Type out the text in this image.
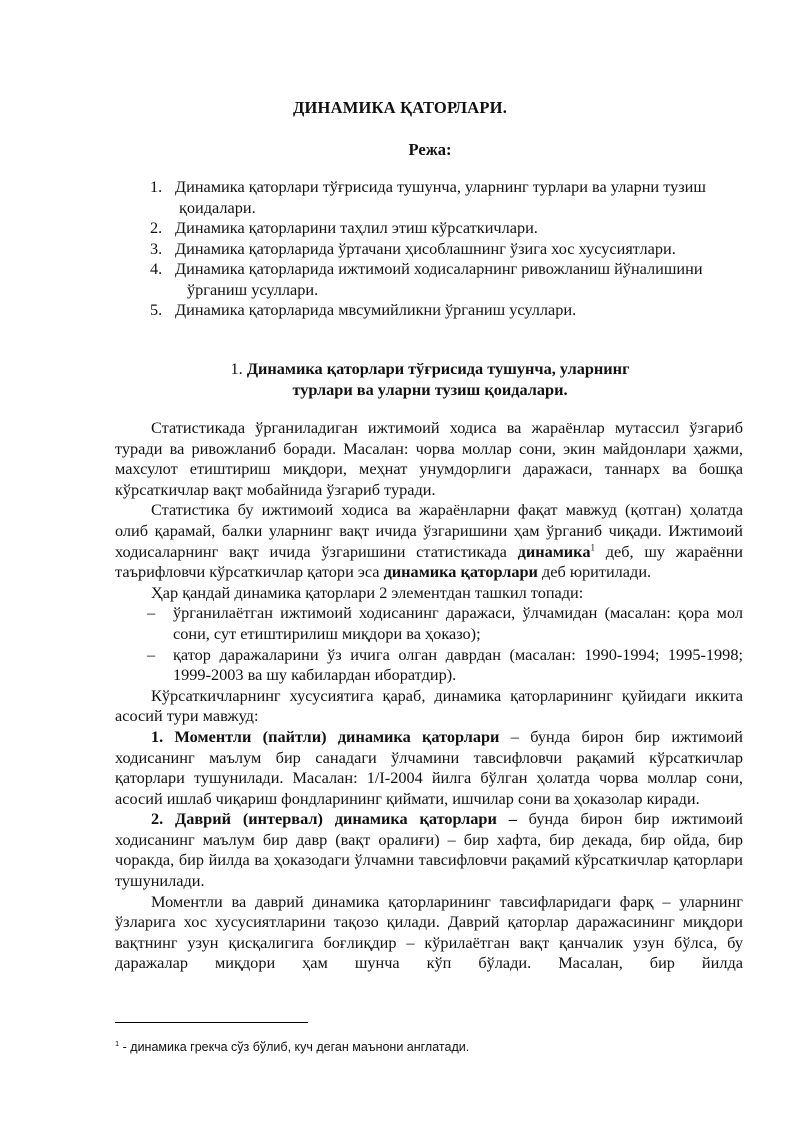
ДИНАМИКА ҚАТОРЛАРИ.
Режа:
1. Динамика қаторлари тўғрисида тушунча, уларнинг турлари ва уларни тузиш
қоидалари.
2. Динамика қаторларини таҳлил этиш кўрсаткичлари.
3. Динамика қаторларида ўртачани ҳисоблашнинг ўзига хос хусусиятлари.
4. Динамика қаторларида ижтимоий ходисаларнинг ривожланиш йўналишини
ўрганиш усуллари.
5. Динамика қаторларида мвсумийликни ўрганиш усуллари.
1. Динамика қаторлари тўғрисида тушунча, уларнинг
турлари ва уларни тузиш қоидалари.

Статистикада ўрганиладиган ижтимоий ходиса ва жараёнлар мутассил ўзгариб туради ва ривожланиб боради. Масалан: чорва моллар сони, экин майдонлари ҳажми, махсулот етиштириш миқдори, меҳнат унумдорлиги даражаси, таннарх ва бошқа кўрсаткичлар вақт мобайнида ўзгариб туради.

Статистика бу ижтимоий ходиса ва жараёнларни фақат мавжуд (қотган) ҳолатда олиб қарамай, балки уларнинг вақт ичида ўзгаришини ҳам ўрганиб чиқади. Ижтимоий ходисаларнинг вақт ичида ўзгаришини статистикада динамика$^1$ деб, шу жараённи таърифловчи кўрсаткичлар қатори эса динамика қаторлари деб юритилади.

Ҳар қандай динамика қаторлари 2 элементдан ташкил топади:

– ўрганилаётган ижтимоий ходисанинг даражаси, ўлчамидан (масалан: қора мол сони, сут етиштирилиш миқдори ва ҳоказо);
– қатор даражаларини ўз ичига олган даврдан (масалан: 1990-1994; 1995-1998; 1999-2003 ва шу кабилардан иборатдир).

Кўрсаткичларнинг хусусиятига қараб, динамика қаторларининг қуйидаги иккита асосий тури мавжуд:

1. Моментли (пайтли) динамика қаторлари – бунда бирон бир ижтимоий ходисанинг маълум бир санадаги ўлчамини тавсифловчи рақамий кўрсаткичлар қаторлари тушунилади. Масалан: 1/I-2004 йилга бўлган ҳолатда чорва моллар сони, асосий ишлаб чиқариш фондларининг қиймати, ишчилар сони ва ҳоказолар киради.

2. Даврий (интервал) динамика қаторлари – бунда бирон бир ижтимоий ходисанинг маълум бир давр (вақт оралиғи) – бир хафта, бир декада, бир ойда, бир чоракда, бир йилда ва ҳоказодаги ўлчамни тавсифловчи рақамий кўрсаткичлар қаторлари тушунилади.

Моментли ва даврий динамика қаторларининг тавсифларидаги фарқ – уларнинг ўзларига хос хусусиятларини тақозо қилади. Даврий қаторлар даражасининг миқдори вақтнинг узун қисқалигига боғлиқдир – кўрилаётган вақт қанчалик узун бўлса, бу даражалар миқдори ҳам шунча кўп бўлади. Масалан, бир йилда

$^1$ - динамика грекча сўз бўлиб, куч деган маънони англатади.
